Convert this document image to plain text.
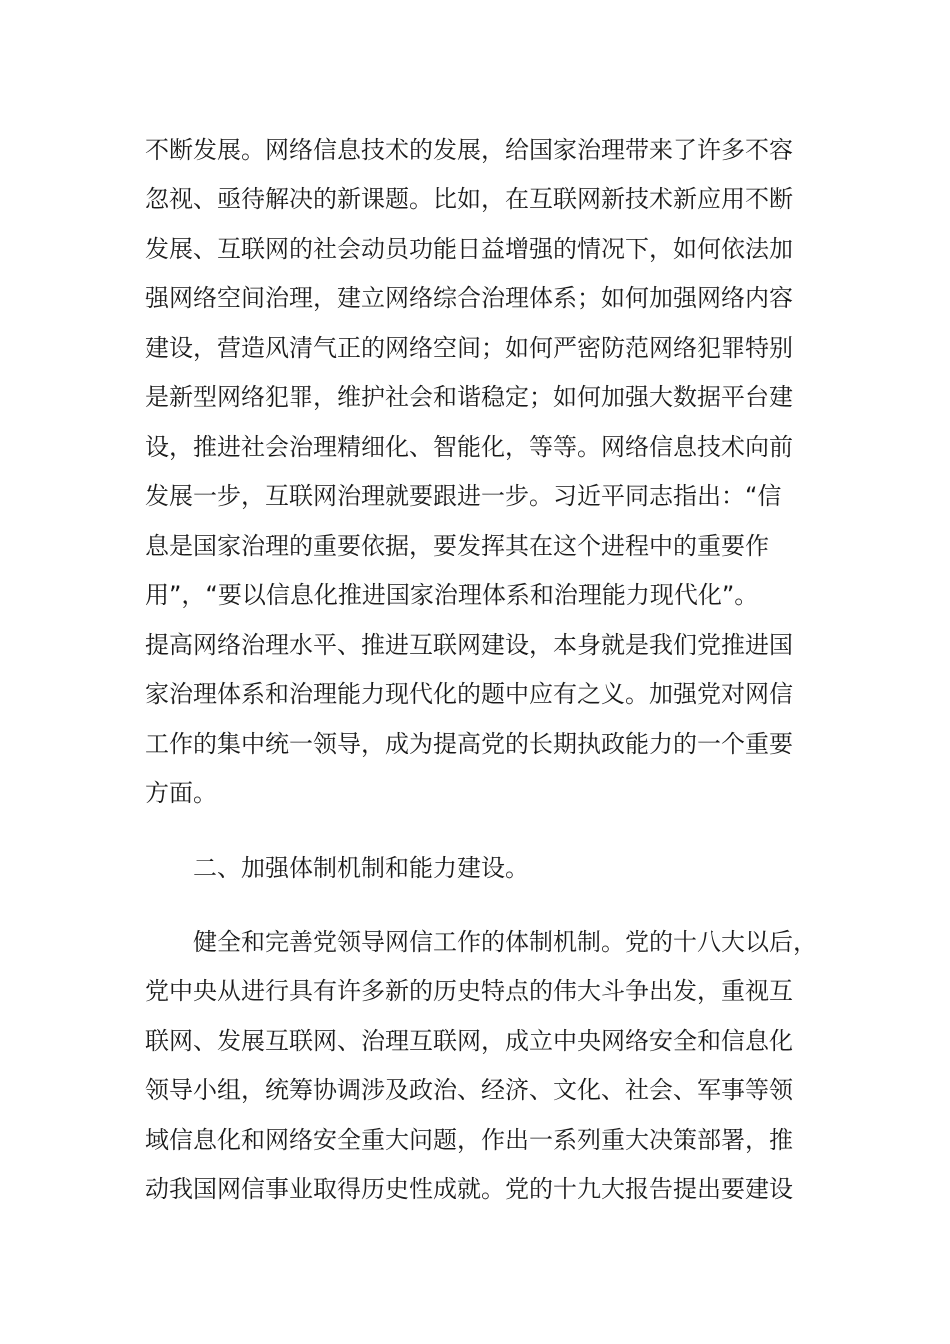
不断发展。网络信息技术的发展，给国家治理带来了许多不容
忽视、亟待解决的新课题。比如，在互联网新技术新应用不断
发展、互联网的社会动员功能日益增强的情况下，如何依法加
强网络空间治理，建立网络综合治理体系；如何加强网络内容
建设，营造风清气正的网络空间；如何严密防范网络犯罪特别
是新型网络犯罪，维护社会和谐稳定；如何加强大数据平台建
设，推进社会治理精细化、智能化，等等。网络信息技术向前
发展一步，互联网治理就要跟进一步。习近平同志指出：“信
息是国家治理的重要依据，要发挥其在这个进程中的重要作
用”，“要以信息化推进国家治理体系和治理能力现代化”。
提高网络治理水平、推进互联网建设，本身就是我们党推进国
家治理体系和治理能力现代化的题中应有之义。加强党对网信
工作的集中统一领导，成为提高党的长期执政能力的一个重要
方面。
二、加强体制机制和能力建设。
健全和完善党领导网信工作的体制机制。党的十八大以后，
党中央从进行具有许多新的历史特点的伟大斗争出发，重视互
联网、发展互联网、治理互联网，成立中央网络安全和信息化
领导小组，统筹协调涉及政治、经济、文化、社会、军事等领
域信息化和网络安全重大问题，作出一系列重大决策部署，推
动我国网信事业取得历史性成就。党的十九大报告提出要建设
